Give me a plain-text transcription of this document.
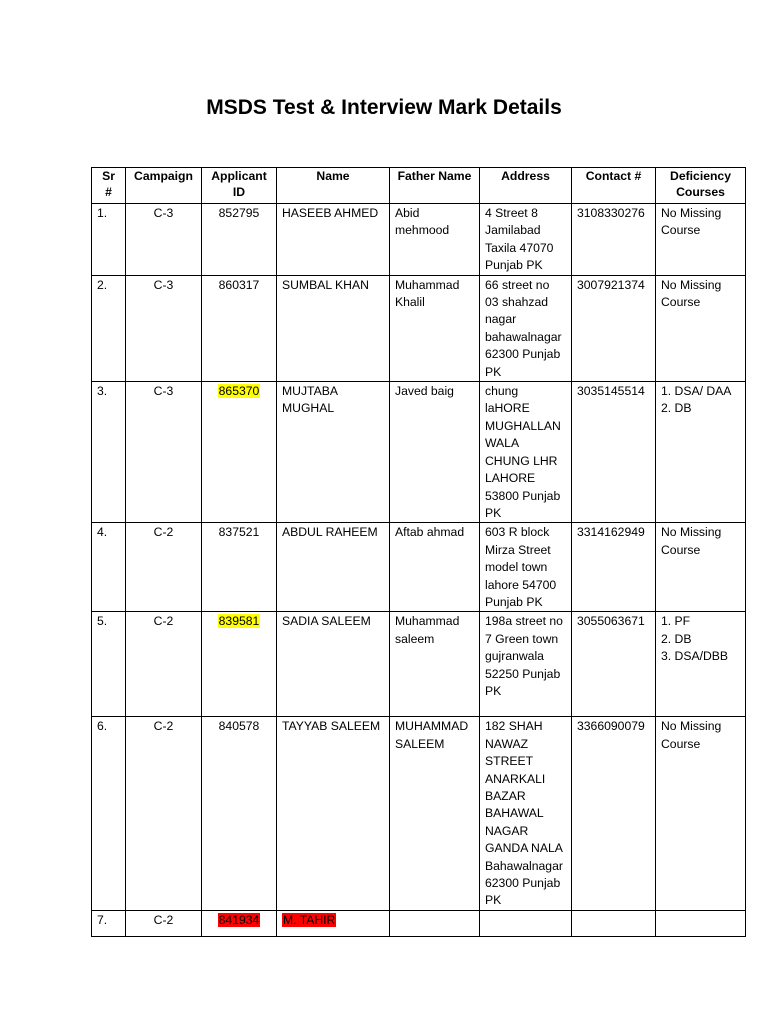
MSDS Test & Interview Mark Details
Sr #	Campaign	Applicant ID	Name	Father Name	Address	Contact #	Deficiency Courses
1.	C-3	852795	HASEEB AHMED	Abid mehmood	4 Street 8 Jamilabad Taxila 47070 Punjab PK	3108330276	No Missing Course
2.	C-3	860317	SUMBAL KHAN	Muhammad Khalil	66 street no 03 shahzad nagar bahawalnagar 62300 Punjab PK	3007921374	No Missing Course
3.	C-3	865370	MUJTABA MUGHAL	Javed baig	chung laHORE MUGHALLAN WALA CHUNG LHR LAHORE 53800 Punjab PK	3035145514	1. DSA/ DAA
2. DB
4.	C-2	837521	ABDUL RAHEEM	Aftab ahmad	603 R block Mirza Street model town lahore 54700 Punjab PK	3314162949	No Missing Course
5.	C-2	839581	SADIA SALEEM	Muhammad saleem	198a street no 7 Green town gujranwala 52250 Punjab PK	3055063671	1. PF
2. DB
3. DSA/DBB
6.	C-2	840578	TAYYAB SALEEM	MUHAMMAD SALEEM	182 SHAH NAWAZ STREET ANARKALI BAZAR BAHAWAL NAGAR GANDA NALA Bahawalnagar 62300 Punjab PK	3366090079	No Missing Course
7.	C-2	841934	M. TAHIR				
